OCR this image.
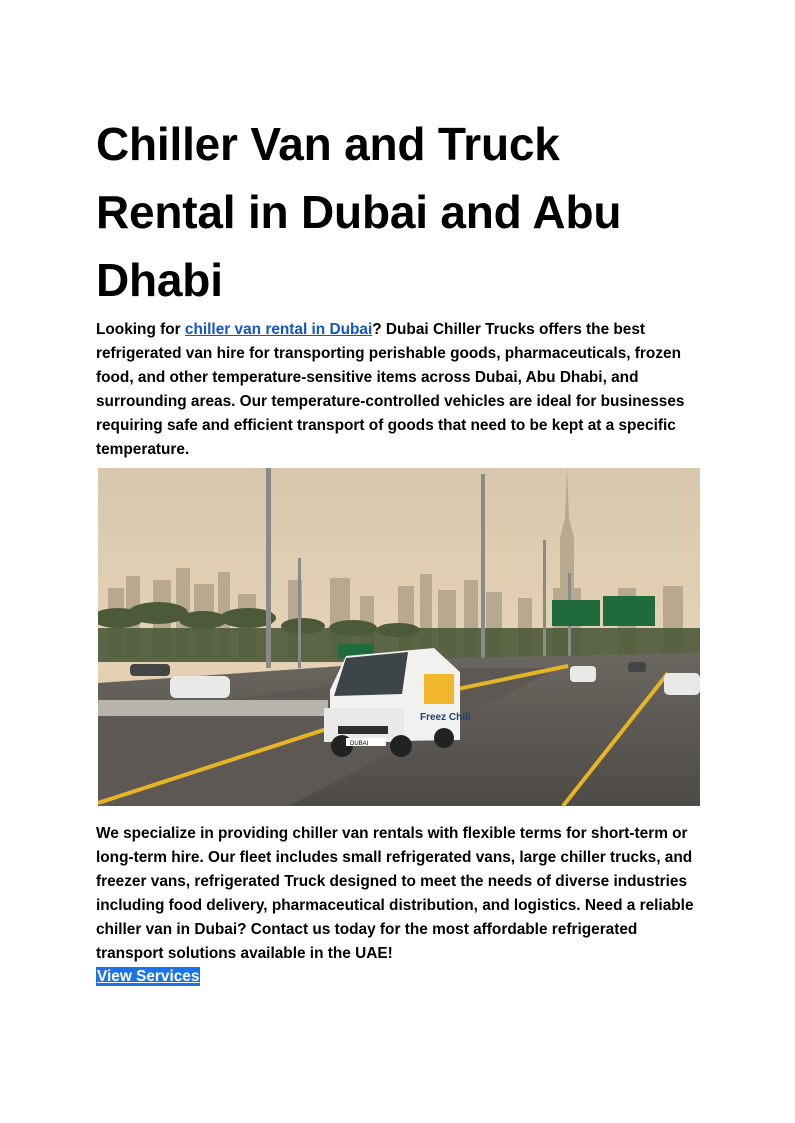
Chiller Van and Truck Rental in Dubai and Abu Dhabi

Looking for chiller van rental in Dubai? Dubai Chiller Trucks offers the best refrigerated van hire for transporting perishable goods, pharmaceuticals, frozen food, and other temperature-sensitive items across Dubai, Abu Dhabi, and surrounding areas. Our temperature-controlled vehicles are ideal for businesses requiring safe and efficient transport of goods that need to be kept at a specific temperature.

Freez Chill
DUBAI

We specialize in providing chiller van rentals with flexible terms for short-term or long-term hire. Our fleet includes small refrigerated vans, large chiller trucks, and freezer vans, refrigerated Truck designed to meet the needs of diverse industries including food delivery, pharmaceutical distribution, and logistics. Need a reliable chiller van in Dubai? Contact us today for the most affordable refrigerated transport solutions available in the UAE!

View Services
